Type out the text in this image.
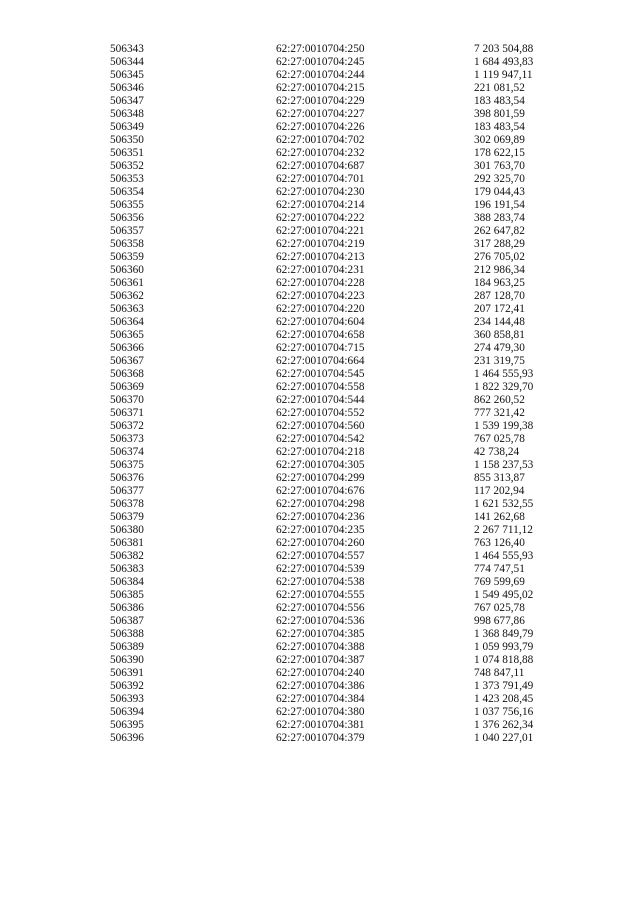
506343	62:27:0010704:250	7 203 504,88
506344	62:27:0010704:245	1 684 493,83
506345	62:27:0010704:244	1 119 947,11
506346	62:27:0010704:215	221 081,52
506347	62:27:0010704:229	183 483,54
506348	62:27:0010704:227	398 801,59
506349	62:27:0010704:226	183 483,54
506350	62:27:0010704:702	302 069,89
506351	62:27:0010704:232	178 622,15
506352	62:27:0010704:687	301 763,70
506353	62:27:0010704:701	292 325,70
506354	62:27:0010704:230	179 044,43
506355	62:27:0010704:214	196 191,54
506356	62:27:0010704:222	388 283,74
506357	62:27:0010704:221	262 647,82
506358	62:27:0010704:219	317 288,29
506359	62:27:0010704:213	276 705,02
506360	62:27:0010704:231	212 986,34
506361	62:27:0010704:228	184 963,25
506362	62:27:0010704:223	287 128,70
506363	62:27:0010704:220	207 172,41
506364	62:27:0010704:604	234 144,48
506365	62:27:0010704:658	360 858,81
506366	62:27:0010704:715	274 479,30
506367	62:27:0010704:664	231 319,75
506368	62:27:0010704:545	1 464 555,93
506369	62:27:0010704:558	1 822 329,70
506370	62:27:0010704:544	862 260,52
506371	62:27:0010704:552	777 321,42
506372	62:27:0010704:560	1 539 199,38
506373	62:27:0010704:542	767 025,78
506374	62:27:0010704:218	42 738,24
506375	62:27:0010704:305	1 158 237,53
506376	62:27:0010704:299	855 313,87
506377	62:27:0010704:676	117 202,94
506378	62:27:0010704:298	1 621 532,55
506379	62:27:0010704:236	141 262,68
506380	62:27:0010704:235	2 267 711,12
506381	62:27:0010704:260	763 126,40
506382	62:27:0010704:557	1 464 555,93
506383	62:27:0010704:539	774 747,51
506384	62:27:0010704:538	769 599,69
506385	62:27:0010704:555	1 549 495,02
506386	62:27:0010704:556	767 025,78
506387	62:27:0010704:536	998 677,86
506388	62:27:0010704:385	1 368 849,79
506389	62:27:0010704:388	1 059 993,79
506390	62:27:0010704:387	1 074 818,88
506391	62:27:0010704:240	748 847,11
506392	62:27:0010704:386	1 373 791,49
506393	62:27:0010704:384	1 423 208,45
506394	62:27:0010704:380	1 037 756,16
506395	62:27:0010704:381	1 376 262,34
506396	62:27:0010704:379	1 040 227,01
